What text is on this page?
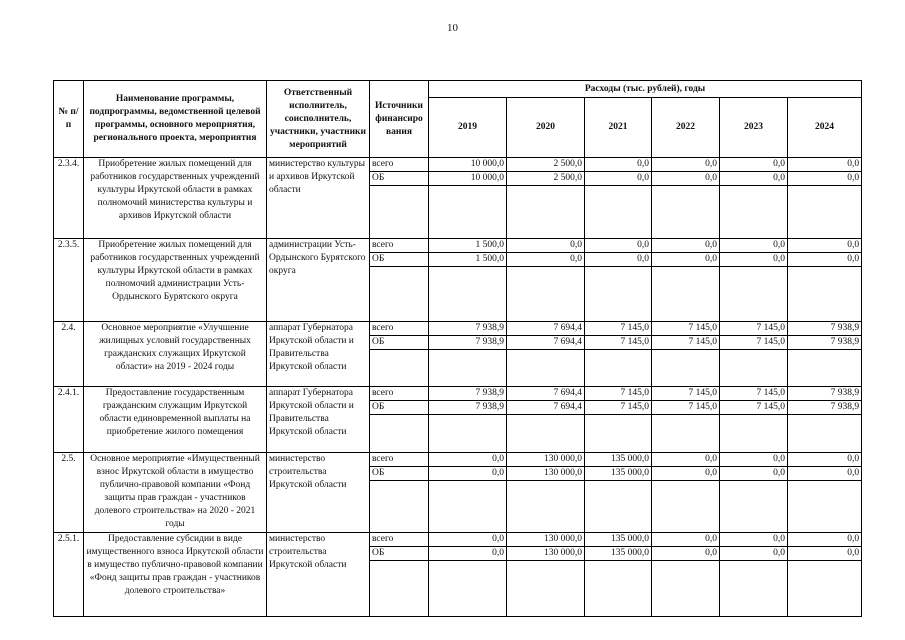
10
№ п/п	Наименование программы, подпрограммы, ведомственной целевой программы, основного мероприятия, регионального проекта, мероприятия	Ответственный исполнитель, соисполнитель, участники, участники мероприятий	Источники финансиро вания	Расходы (тыс. рублей), годы					
				2019	2020	2021	2022	2023	2024
2.3.4.	Приобретение жилых помещений для работников государственных учреждений культуры Иркутской области в рамках полномочий министерства культуры и архивов Иркутской области	министерство культуры и архивов Иркутской области	всего	10 000,0	2 500,0	0,0	0,0	0,0	0,0
			ОБ	10 000,0	2 500,0	0,0	0,0	0,0	0,0

2.3.5.	Приобретение жилых помещений для работников государственных учреждений культуры Иркутской области в рамках полномочий администрации Усть-Ордынского Бурятского округа	администрации Усть-Ордынского Бурятского округа	всего	1 500,0	0,0	0,0	0,0	0,0	0,0
			ОБ	1 500,0	0,0	0,0	0,0	0,0	0,0

2.4.	Основное мероприятие «Улучшение жилищных условий государственных гражданских служащих Иркутской области» на 2019 - 2024 годы	аппарат Губернатора Иркутской области и Правительства Иркутской области	всего	7 938,9	7 694,4	7 145,0	7 145,0	7 145,0	7 938,9
			ОБ	7 938,9	7 694,4	7 145,0	7 145,0	7 145,0	7 938,9

2.4.1.	Предоставление государственным гражданским служащим Иркутской области единовременной выплаты на приобретение жилого помещения	аппарат Губернатора Иркутской области и Правительства Иркутской области	всего	7 938,9	7 694,4	7 145,0	7 145,0	7 145,0	7 938,9
			ОБ	7 938,9	7 694,4	7 145,0	7 145,0	7 145,0	7 938,9

2.5.	Основное мероприятие «Имущественный взнос Иркутской области в имущество публично-правовой компании «Фонд защиты прав граждан - участников долевого строительства» на 2020 - 2021 годы	министерство строительства Иркутской области	всего	0,0	130 000,0	135 000,0	0,0	0,0	0,0
			ОБ	0,0	130 000,0	135 000,0	0,0	0,0	0,0

2.5.1.	Предоставление субсидии в виде имущественного взноса Иркутской области в имущество публично-правовой компании «Фонд защиты прав граждан - участников долевого строительства»	министерство строительства Иркутской области	всего	0,0	130 000,0	135 000,0	0,0	0,0	0,0
			ОБ	0,0	130 000,0	135 000,0	0,0	0,0	0,0
